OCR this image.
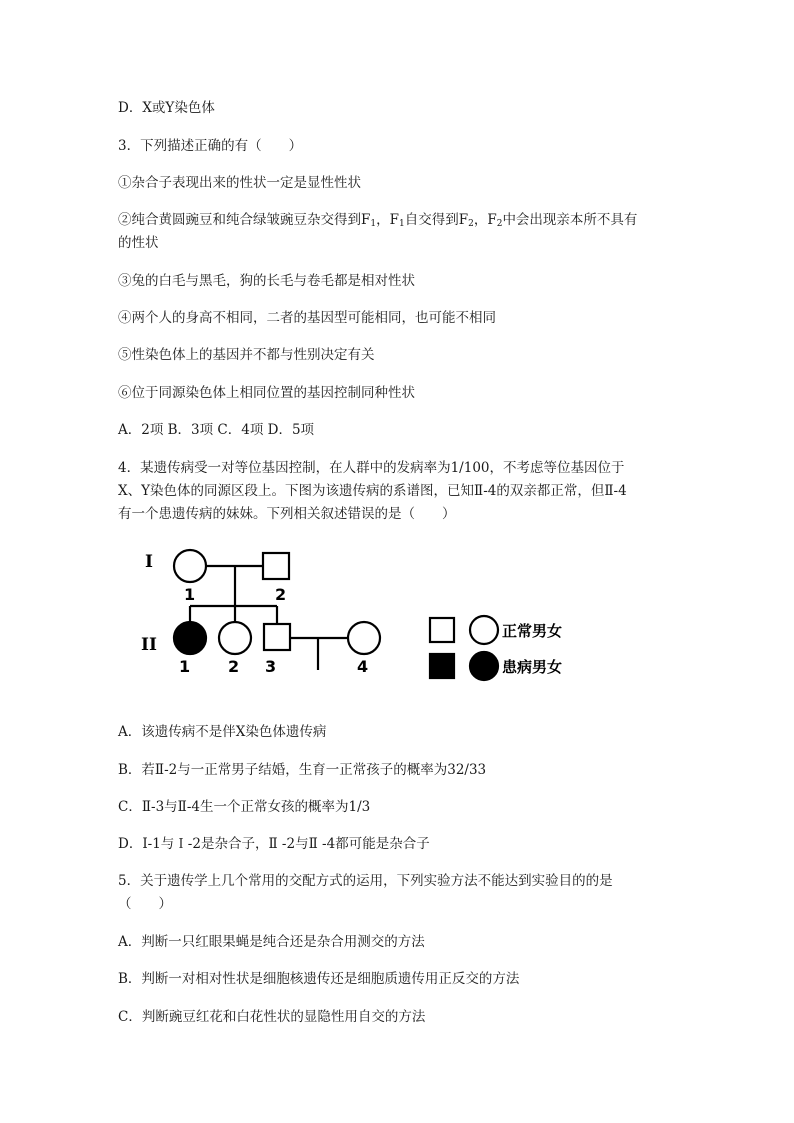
D．X或Y染色体
3．下列描述正确的有（　　）
①杂合子表现出来的性状一定是显性性状
②纯合黄圆豌豆和纯合绿皱豌豆杂交得到$F_1$，$F_1$自交得到$F_2$，$F_2$中会出现亲本所不具有
的性状
③兔的白毛与黑毛，狗的长毛与卷毛都是相对性状
④两个人的身高不相同，二者的基因型可能相同，也可能不相同
⑤性染色体上的基因并不都与性别决定有关
⑥位于同源染色体上相同位置的基因控制同种性状
A．2项 B．3项 C．4项 D．5项
4．某遗传病受一对等位基因控制，在人群中的发病率为1/100，不考虑等位基因位于
X、Y染色体的同源区段上。下图为该遗传病的系谱图，已知Ⅱ-4的双亲都正常，但Ⅱ-4
有一个患遗传病的妹妹。下列相关叙述错误的是（　　）
I
II
1	2
1 2 3	4
正常男女
患病男女
A．该遗传病不是伴X染色体遗传病
B．若Ⅱ-2与一正常男子结婚，生育一正常孩子的概率为32/33
C．Ⅱ-3与Ⅱ-4生一个正常女孩的概率为1/3
D．I-1与Ｉ-2是杂合子，Ⅱ -2与Ⅱ -4都可能是杂合子
5．关于遗传学上几个常用的交配方式的运用，下列实验方法不能达到实验目的的是
（　　）
A．判断一只红眼果蝇是纯合还是杂合用测交的方法
B．判断一对相对性状是细胞核遗传还是细胞质遗传用正反交的方法
C．判断豌豆红花和白花性状的显隐性用自交的方法
